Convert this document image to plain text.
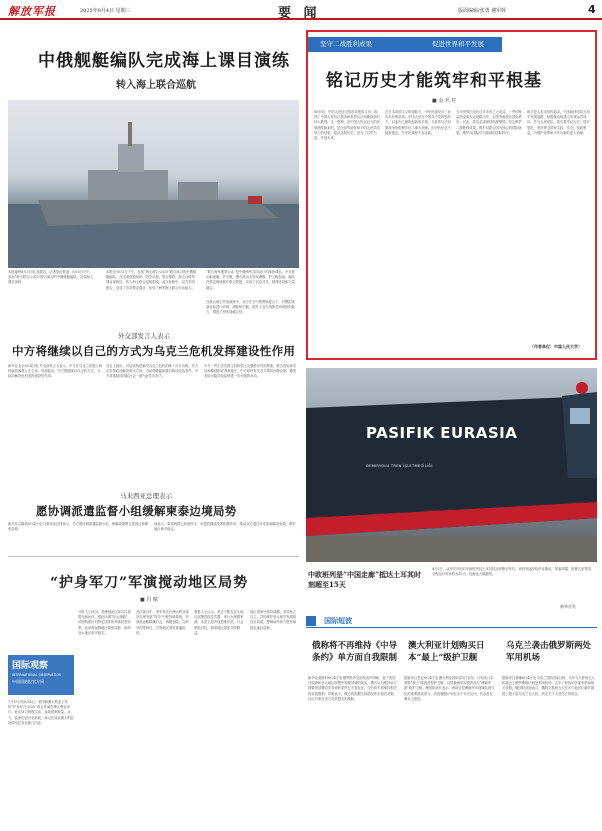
解放军报	2025年8月4日 星期三	要 闻	版面编辑/张勇 谢军晖	4
中俄舰艇编队完成海上课目演练
转入海上联合巡航
本报福州8月5日电 高瑞苏，记者管伦报道：8月5日下午，参加“海上联合-2025”联合演习的中俄舰艇编队，完成海上课目演练
本报讯 8月5日下午，参加“海上联合-2025”联合演习的中俄舰艇编队，在完成战役组织、防空反潜、联合搜救、海上补给等课目演练后，转入海上联合巡航阶段。此次演练中，双方密切配合，完成了各项预定课目，检验了两军海上联合行动能力。
“联合海军搜救行动”是中俄两军共同设计的演练课目。中方派出驱逐舰、护卫舰，俄方派出大型反潜舰、护卫舰参演。编队在预定海域展开联合救援，实现了信息共享、指挥协同和力量融合。
在联合海空作战演练中，双方在空中预警机配合下，对模拟来袭目标进行识别、跟踪和拦截，提升了双方指挥员协调组织能力，增进了两军战略互信。
坚守二战胜利成果	促进世界和平发展
铭记历史才能筑牢和平根基
■ 金 名 柱
80年前，中国人民经过艰苦卓绝的斗争，取得了中国人民抗日战争和世界反法西斯战争的伟大胜利。这一胜利，是中国人民以巨大的民族牺牲换来的，是全世界爱好和平的人民共同努力的结果。铭记这段历史，是为了以史为鉴、开创未来。
在日本帝国主义的侵略下，中华民族经历了前所未有的浩劫。中国人民在中国共产党的领导下，以血肉之躯筑起新的长城，为世界反法西斯战争的胜利作出了重大贡献。历史的记忆不能被遗忘，历史的真相不容歪曲。
当今世界正经历百年未有之大变局，一些国家妄图歪曲否认侵略历史，企图突破战后国际秩序。对此，我们必须保持高度警惕，坚定维护二战胜利成果，维护以联合国为核心的国际体系，维护以国际法为基础的国际秩序。
和平是人类永恒的追求。中国始终坚持走和平发展道路，积极推动构建人类命运共同体。作为人民军队，我们要牢记历史，居安思危，坚决捍卫国家主权、安全、发展利益，为维护世界和平作出新的更大贡献。
（作者单位：中国人民大学）
外交部发言人表示
中方将继续以自己的方式为乌克兰危机发挥建设性作用
新华社北京8月4日电 外交部发言人表示，中方在乌克兰问题上始终秉持客观公正立场，劝和促谈。中方愿继续以自己的方式，为政治解决危机发挥建设性作用。
发言人指出，对话谈判是解决乌克兰危机的唯一可行出路。各方应坚持政治解决的大方向，为局势降温和重启和谈创造条件。中方将继续同国际社会一道为此作出努力。
中方一贯主张各国主权和领土完整都应得到尊重，联合国宪章宗旨和原则都应得到遵守。中方呼吁有关各方保持冷静克制，避免采取可能导致局势进一步升级的举动。
马来西亚总理表示
愿协调派遣监督小组缓解柬泰边境局势
新华社吉隆坡8月4日电 马来西亚总理表示，马方愿协调派遣监督小组，缓解柬埔寨与泰国边境紧张局势。
他表示，柬泰两国已同意停火，东盟将继续发挥积极作用，推动双方通过对话协商解决争端，维护地区和平稳定。
PASIFIK EURASIA
DEMIRYOLU TREN İŞLETMECİLİĞİ
中欧班列是“中国走廊”抵达土耳其时刻超至15天
8月5日，从西安开出的中欧班列经土耳其抵达伊斯坦布尔。该班列途经哈萨克斯坦、阿塞拜疆、格鲁吉亚等国，全程运行时间约为15天，较海运大幅缩短。
新华社发
“护身军刀”军演搅动地区局势
■ 肖 赋
国际观察
INTERNATIONAL OBSERVATION
中国国防报官方网
7月13日至8月4日，美国和澳大利亚主导的“护身军刀-2025”联合军演在澳大利亚举行。此次演习规模空前，参演国家数量、兵力、装备均创历史新高，演习区域从澳大利亚延伸至巴布亚新几内亚。
分析人士指出，美澳借此次演习拉拢盟友和伙伴，强化所谓“印太战略”，试图构建针对特定国家的军事同盟体系，此举将加剧地区紧张局势，破坏亚太地区和平稳定。
此次演习中，美军首次在澳大利亚境内实弹发射“堤丰”中程导弹系统，并演练远程精确打击、两栖登陆、岛屿夺控等科目，引发地区国家普遍担忧。
观察人士认为，美方不断在亚太地区部署进攻性武器、举行大规模军演，本质上是冷战思维作祟，只会制造对抗，损害地区国家共同利益。
地区国家应保持清醒，坚持独立自主，共同维护亚太和平发展的良好局面，警惕域外势力借军演搅乱地区局势。
$^{国际短波}$
俄称将不再维持《中导条约》单方面自我限制
新华社莫斯科8月4日电 俄罗斯外交部发表声明称，鉴于美国在欧洲和亚太地区部署中短程导弹的现实，俄方认为维持单方面暂停部署同类导弹的条件已不复存在，今后将不再维持相关的自我限制。声明表示，俄方将根据实际情况作出相应决策，以应对来自美方及其盟友的威胁。
澳大利亚计划购买日本“最上”级护卫舰
据新华社悉尼8月4日电 澳大利亚国防部5日宣布，计划从日本采购“最上”级改进型护卫舰，以替换海军现役的部分“澳新军团”级护卫舰。澳国防部长表示，该项目是澳海军水面舰队现代化的重要组成部分，首批舰艇计划在本十年末交付，其余将在澳本土建造。
乌克兰袭击俄罗斯两处军用机场
据新华社基辅8月4日电 乌克兰国防部4日称，乌军当天使用无人机袭击了俄罗斯境内两处军用机场，击中了停放的多架军机和相关设施。俄国防部则表示，俄防空系统当天在多个地区拦截并摧毁了数十架乌克兰无人机，尚无关于人员伤亡的报告。
